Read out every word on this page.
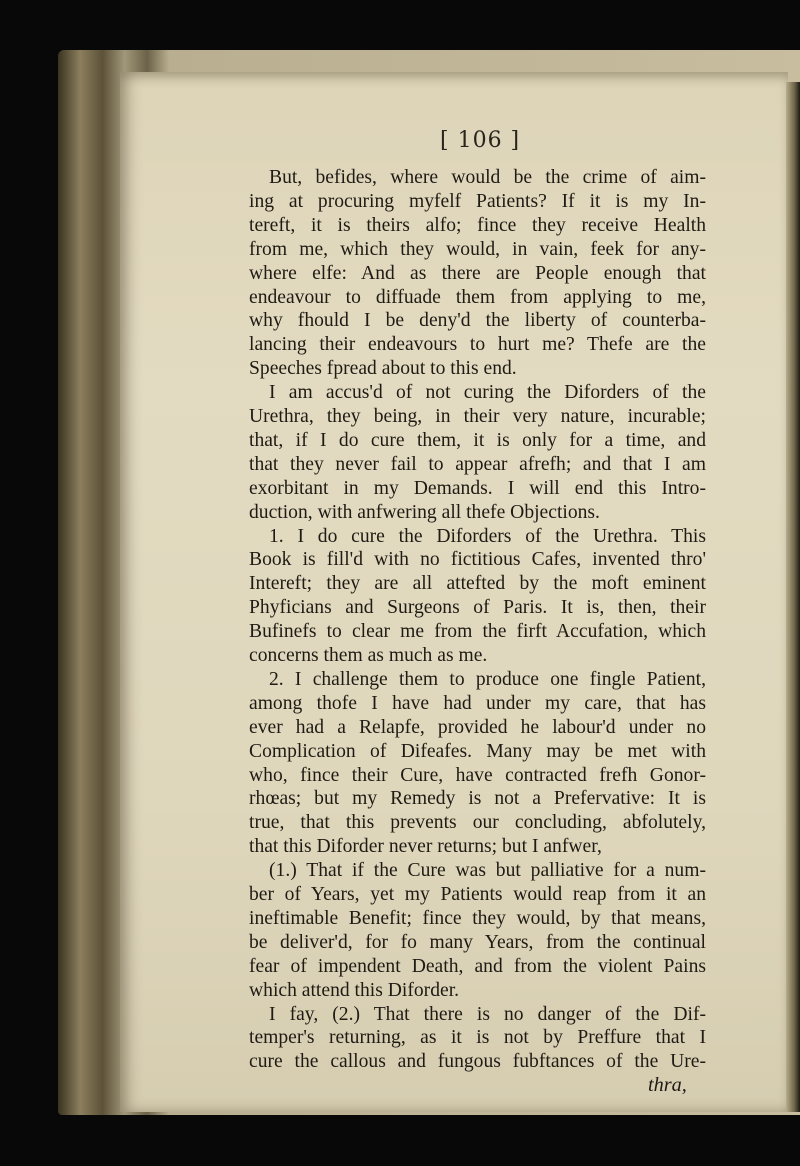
[ 106 ]
But, befides, where would be the crime of aim-
ing at procuring myfelf Patients? If it is my In-
tereft, it is theirs alfo; fince they receive Health
from me, which they would, in vain, feek for any-
where elfe: And as there are People enough that
endeavour to diffuade them from applying to me,
why fhould I be deny'd the liberty of counterba-
lancing their endeavours to hurt me? Thefe are the
Speeches fpread about to this end.
I am accus'd of not curing the Diforders of the
Urethra, they being, in their very nature, incurable;
that, if I do cure them, it is only for a time, and
that they never fail to appear afrefh; and that I am
exorbitant in my Demands. I will end this Intro-
duction, with anfwering all thefe Objections.
1. I do cure the Diforders of the Urethra. This
Book is fill'd with no fictitious Cafes, invented thro'
Intereft; they are all attefted by the moft eminent
Phyficians and Surgeons of Paris. It is, then, their
Bufinefs to clear me from the firft Accufation, which
concerns them as much as me.
2. I challenge them to produce one fingle Patient,
among thofe I have had under my care, that has
ever had a Relapfe, provided he labour'd under no
Complication of Difeafes. Many may be met with
who, fince their Cure, have contracted frefh Gonor-
rhœas; but my Remedy is not a Prefervative: It is
true, that this prevents our concluding, abfolutely,
that this Diforder never returns; but I anfwer,
(1.) That if the Cure was but palliative for a num-
ber of Years, yet my Patients would reap from it an
ineftimable Benefit; fince they would, by that means,
be deliver'd, for fo many Years, from the continual
fear of impendent Death, and from the violent Pains
which attend this Diforder.
I fay, (2.) That there is no danger of the Dif-
temper's returning, as it is not by Preffure that I
cure the callous and fungous fubftances of the Ure-
thra,
